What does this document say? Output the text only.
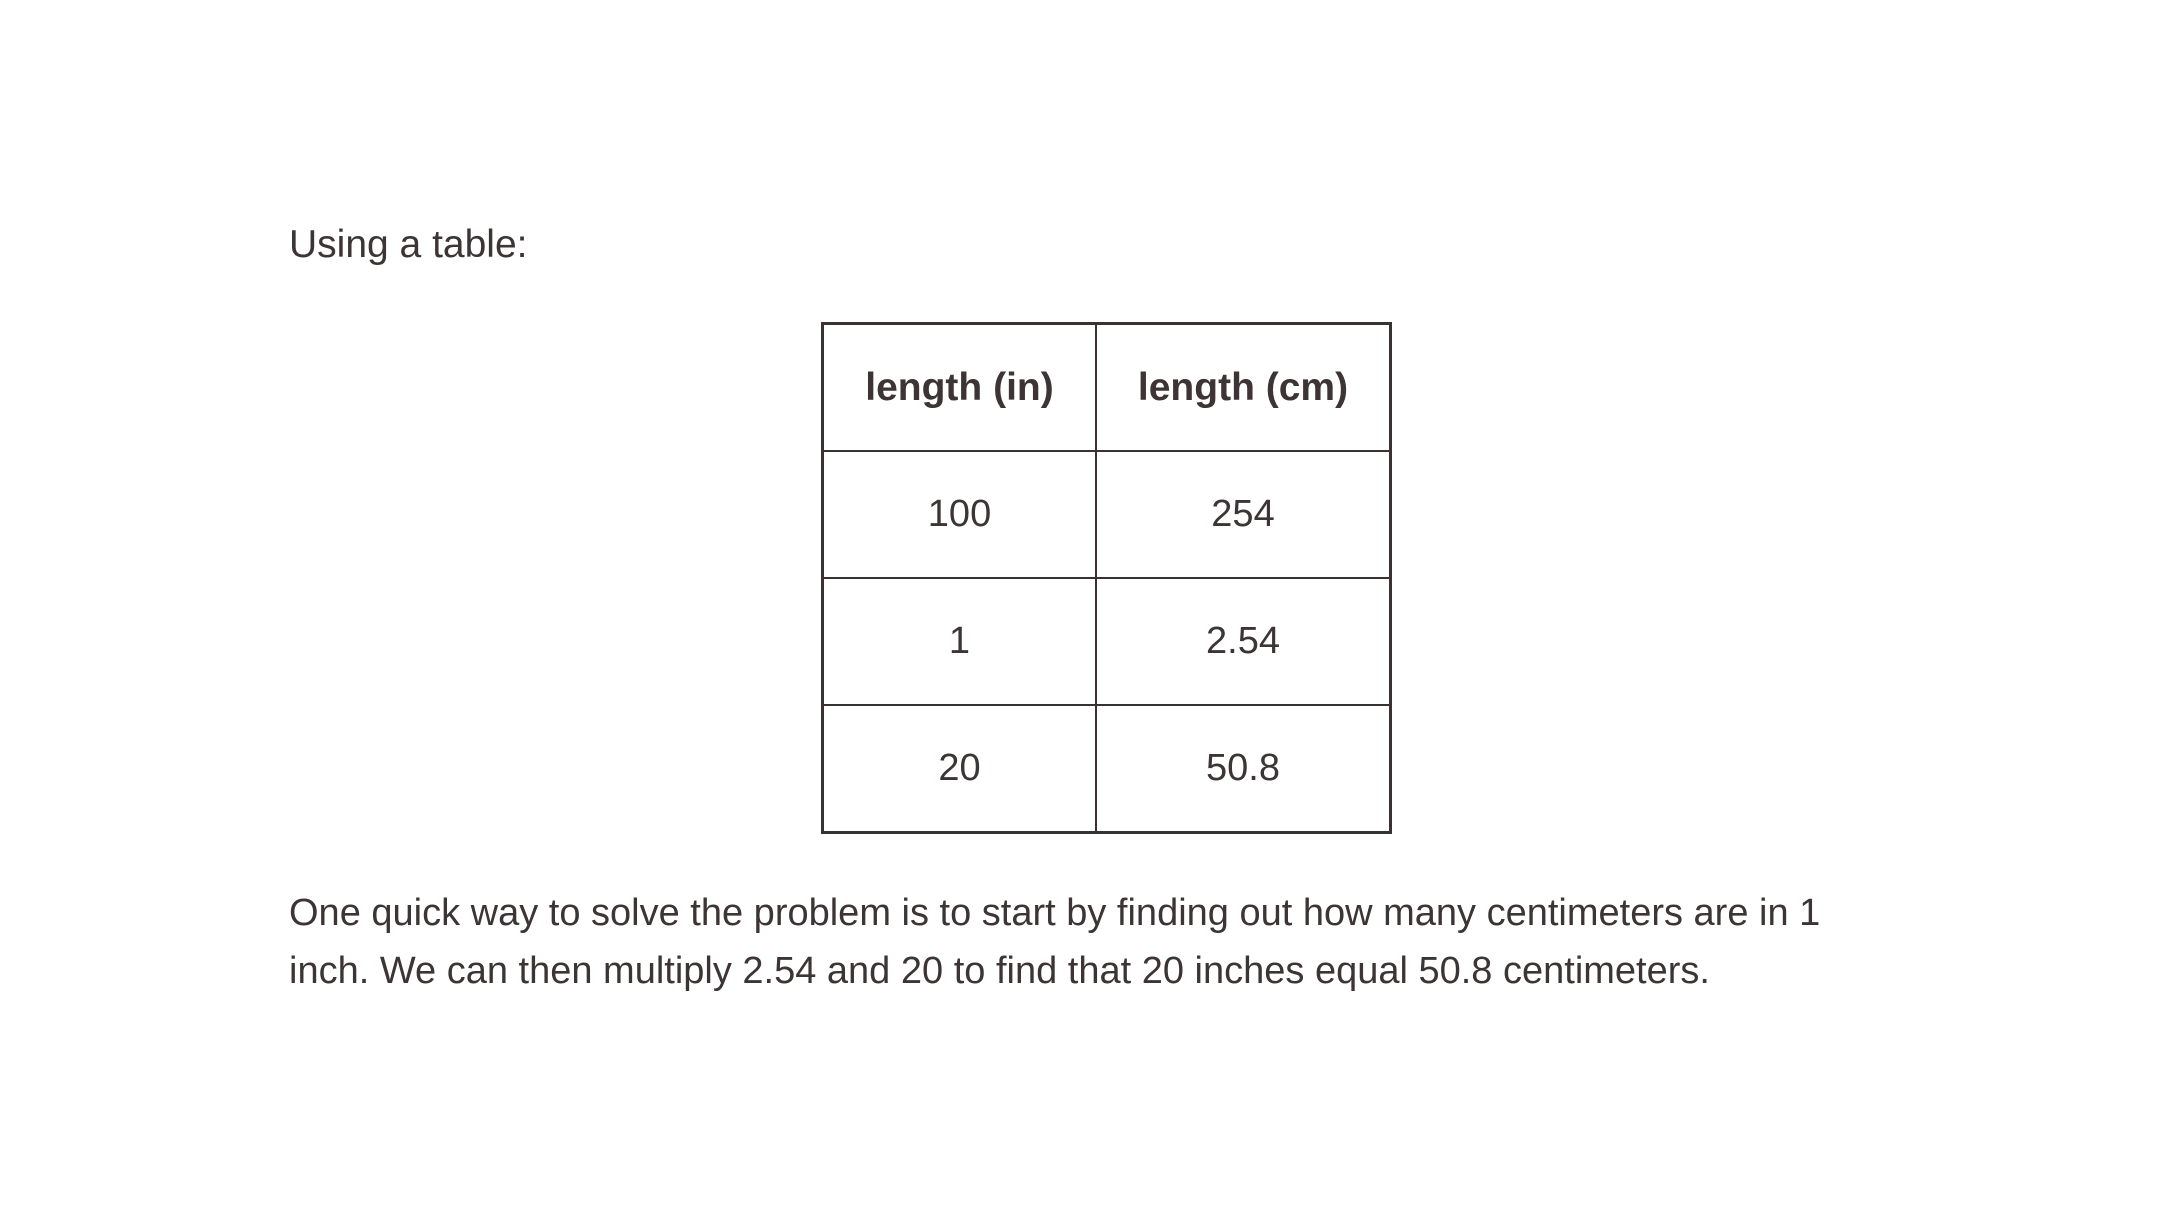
Using a table:

length (in)	length (cm)
100	254
1	2.54
20	50.8

One quick way to solve the problem is to start by finding out how many centimeters are in 1 inch. We can then multiply 2.54 and 20 to find that 20 inches equal 50.8 centimeters.
